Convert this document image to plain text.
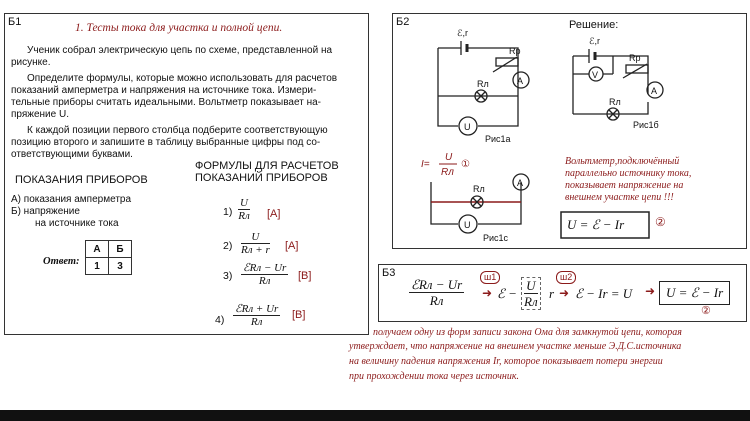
Б1	1. Тесты тока для участка и полной цепи.
Ученик собрал электрическую цепь по схеме, представленной на
рисунке.
Определите формулы, которые можно использовать для расчетов
показаний амперметра и напряжения на источнике тока. Измери-
тельные приборы считать идеальными. Вольтметр показывает на-
пряжение U.
К каждой позиции первого столбца подберите соответствующую
позицию второго и запишите в таблицу выбранные цифры под со-
ответствующими буквами.
ПОКАЗАНИЯ ПРИБОРОВ
А) показания амперметра
Б) напряжение
на источнике тока
ФОРМУЛЫ ДЛЯ РАСЧЕТОВ
ПОКАЗАНИЙ ПРИБОРОВ
Ответ:
А	Б
1	3
1)
U
Rл [A]
2)
U
Rл + r [A]
3)
ℰRл − Ur
Rл	[B]
4)
ℰRл + Ur
Rл
[B]
Б2	Решение:
ℰ,r
Rр
Rл	A
U
Рис1а
ℰ,r
Rр
V
Rл
A
Рис1б
Rл
A
U
Рис1с
I=
U
Rл
①	Вольтметр,подключённый
параллельно источнику тока,
показывает напряжение на
внешнем участке цепи !!!
U = ℰ − Ir	②
Б3
ℰRл − Ur
Rл
ш1
➜ ℰ −
U
Rл
r
ш2
➜ ℰ − Ir = U ➜ U = ℰ − Ir
②
получаем одну из форм записи закона Ома для замкнутой цепи, которая
утверждает, что напряжение на внешнем участке меньше Э.Д.С.источника
на величину падения напряжения Ir, которое показывает потери энергии
при прохождении тока через источник.
